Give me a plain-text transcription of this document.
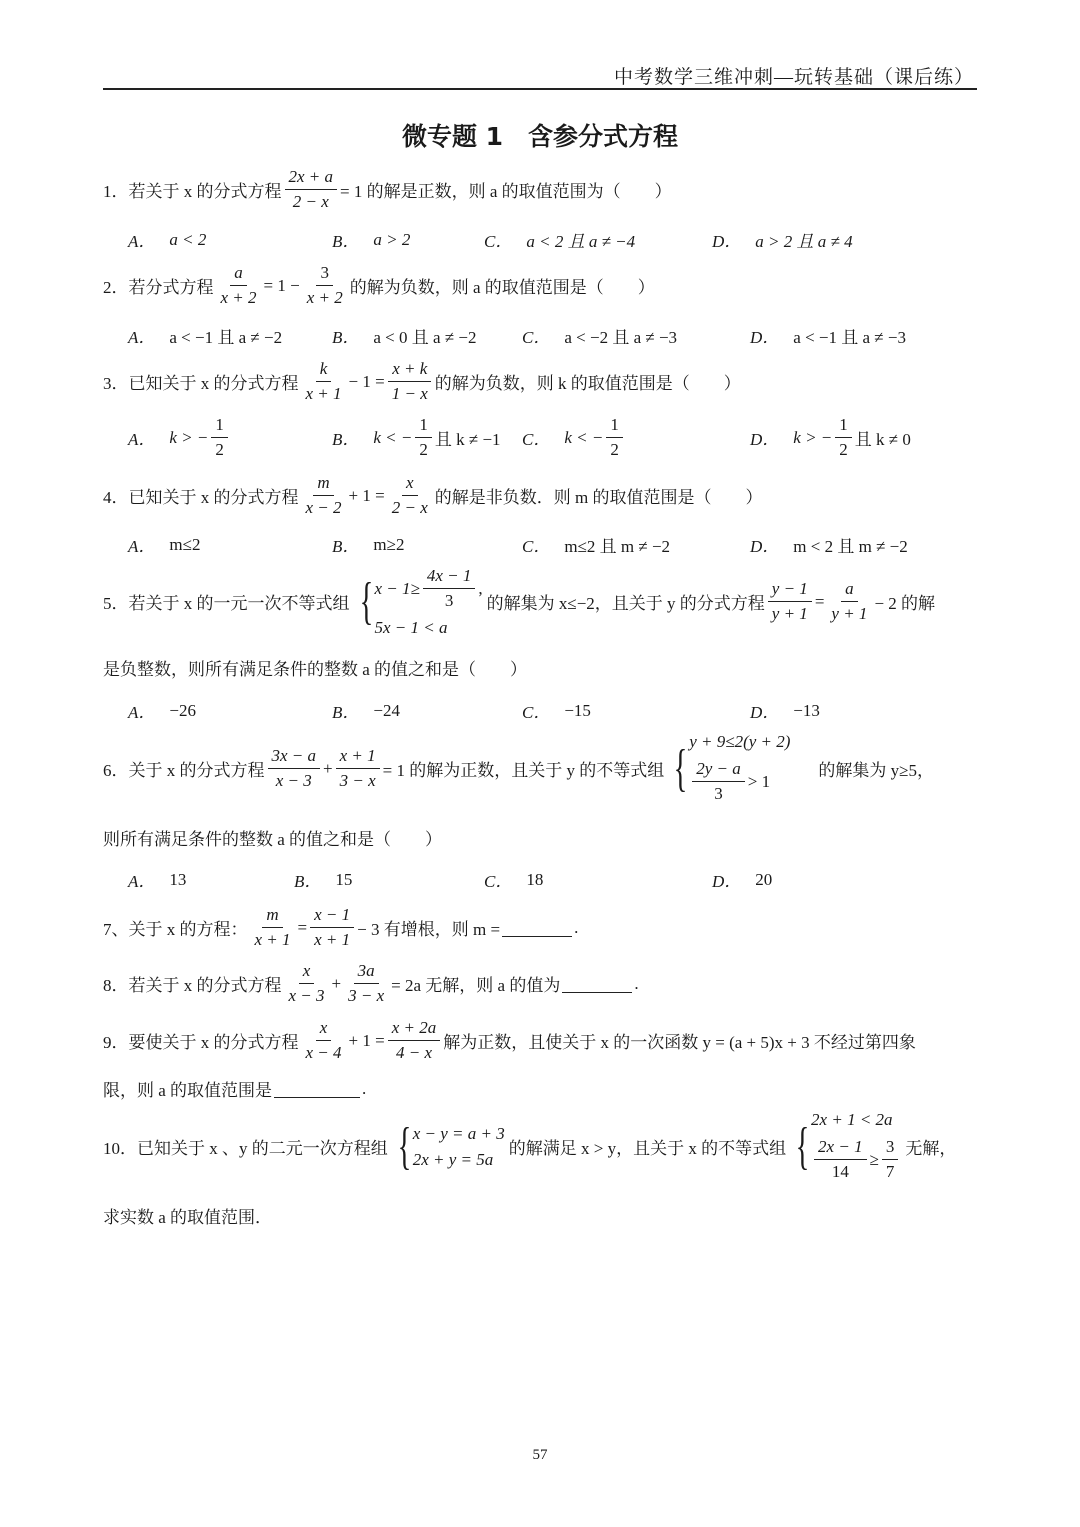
中考数学三维冲刺—玩转基础（课后练）
微专题 1　含参分式方程
1． 若关于 x 的分式方程 $\frac{2x + a}{2 - x} = 1$ 的解是正数，则 a 的取值范围为（　　）
A． a < 2	B． a > 2	C． a < 2 且 a ≠ −4	D． a > 2 且 a ≠ 4
2． 若分式方程 $\frac{a}{x + 2} = 1 - \frac{3}{x + 2}$ 的解为负数，则 a 的取值范围是（　　）
A． a < −1 且 a ≠ −2	B． a < 0 且 a ≠ −2	C． a < −2 且 a ≠ −3	D． a < −1 且 a ≠ −3
3． 已知关于 x 的分式方程 $\frac{k}{x + 1} - 1 = \frac{x + k}{1 - x}$ 的解为负数，则 k 的取值范围是（　　）
A． k > − $\frac{1}{2}$	B． k < − $\frac{1}{2}$ 且 k ≠ −1 C． k < − $\frac{1}{2}$	D． k > − $\frac{1}{2}$ 且 k ≠ 0
4． 已知关于 x 的分式方程 $\frac{m}{x - 2} + 1 = \frac{x}{2 - x}$ 的解是非负数．则 m 的取值范围是（　　）
A． m≤2	B． m≥2	C． m≤2 且 m ≠ −2	D． m < 2 且 m ≠ −2
5． 若关于 x 的一元一次不等式组 { $x - 1\ge \frac{4x - 1}{3}$ ,
5x − 1 < a
的解集为 x≤−2，且关于 y 的分式方程 $\frac{y - 1}{y + 1} = \frac{a}{y + 1} - 2$ 的解
是负整数，则所有满足条件的整数 a 的值之和是（　　）
A． −26	B． −24	C． −15	D． −13
6． 关于 x 的分式方程 $\frac{3x - a}{x - 3} + \frac{x + 1}{3 - x} = 1$ 的解为正数，且关于 y 的不等式组 { y + 9≤2(y + 2)
$\frac{2y - a}{3} > 1$
的解集为 y≥5，
则所有满足条件的整数 a 的值之和是（　　）
A． 13	B． 15	C． 18	D． 20
7、 关于 x 的方程： $\frac{m}{x + 1} = \frac{x - 1}{x + 1} - 3$ 有增根，则 m =	.
8． 若关于 x 的分式方程 $\frac{x}{x - 3} + \frac{3a}{3 - x} = 2a$ 无解，则 a 的值为	.
9． 要使关于 x 的分式方程 $\frac{x}{x - 4} + 1 = \frac{x + 2a}{4 - x}$ 解为正数，且使关于 x 的一次函数 y = (a + 5)x + 3 不经过第四象
限，则 a 的取值范围是	.
10． 已知关于 x 、y 的二元一次方程组 { x − y = a + 3
2x + y = 5a
的解满足 x > y，且关于 x 的不等式组 { 2x + 1 < 2a
$\frac{2x - 1}{14} \ge \frac{3}{7}$ 无解，
求实数 a 的取值范围．
57
